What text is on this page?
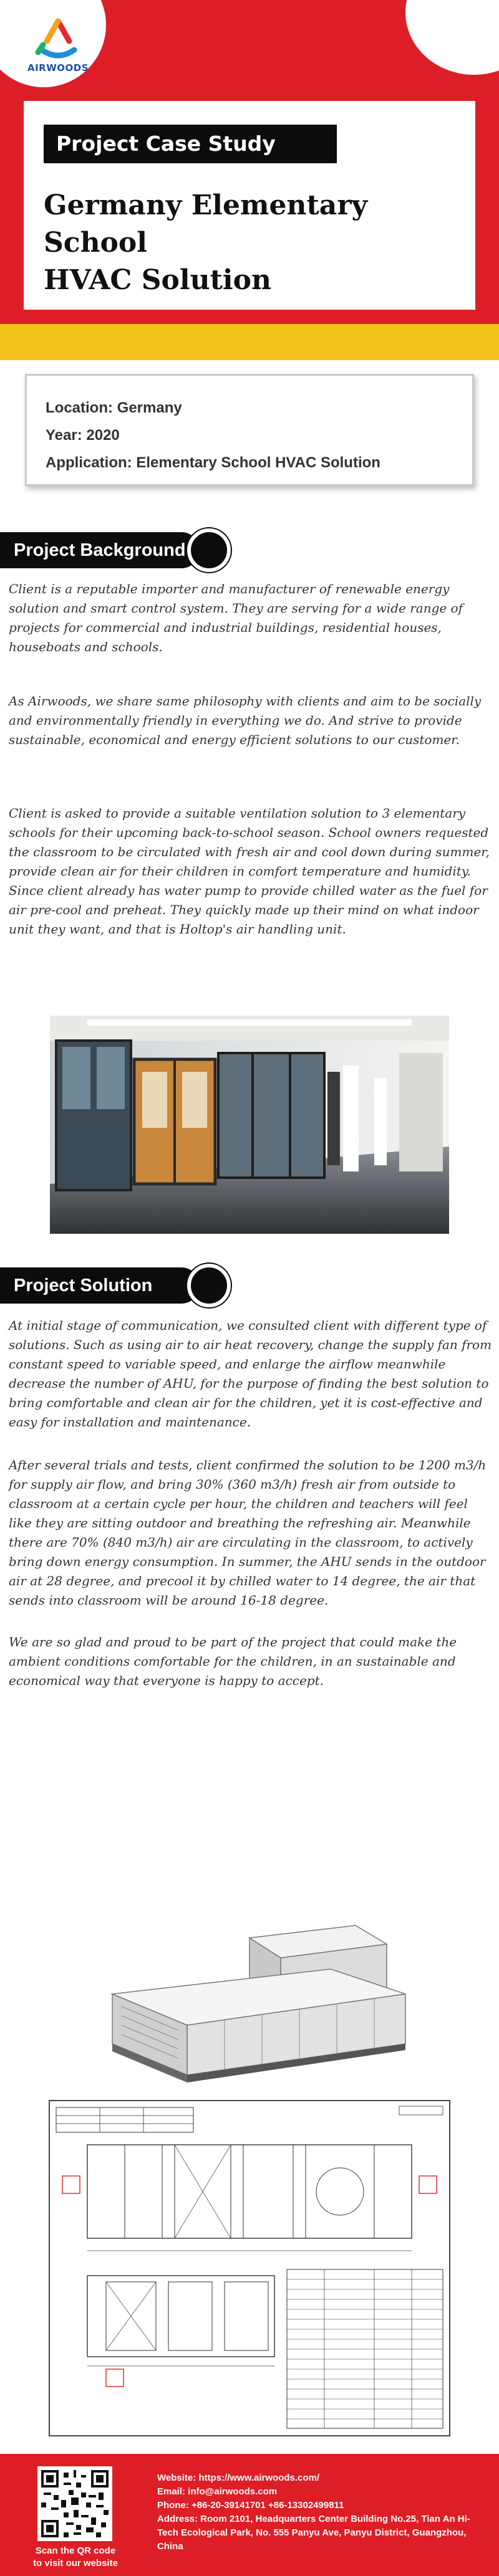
AIRWOODS
Project Case Study
Germany Elementary School
HVAC Solution
Location: Germany
Year: 2020
Application: Elementary School HVAC Solution
Project Background
Client is a reputable importer and manufacturer of renewable energy solution and smart control system. They are serving for a wide range of projects for commercial and industrial buildings, residential houses, houseboats and schools.
As Airwoods, we share same philosophy with clients and aim to be socially and environmentally friendly in everything we do. And strive to provide sustainable, economical and energy efficient solutions to our customer.
Client is asked to provide a suitable ventilation solution to 3 elementary schools for their upcoming back-to-school season. School owners requested the classroom to be circulated with fresh air and cool down during summer, provide clean air for their children in comfort temperature and humidity. Since client already has water pump to provide chilled water as the fuel for air pre-cool and preheat. They quickly made up their mind on what indoor unit they want, and that is Holtop's air handling unit.
Project Solution
At initial stage of communication, we consulted client with different type of solutions. Such as using air to air heat recovery, change the supply fan from constant speed to variable speed, and enlarge the airflow meanwhile decrease the number of AHU, for the purpose of finding the best solution to bring comfortable and clean air for the children, yet it is cost-effective and easy for installation and maintenance.
After several trials and tests, client confirmed the solution to be 1200 m3/h for supply air flow, and bring 30% (360 m3/h) fresh air from outside to classroom at a certain cycle per hour, the children and teachers will feel like they are sitting outdoor and breathing the refreshing air. Meanwhile there are 70% (840 m3/h) air are circulating in the classroom, to actively bring down energy consumption. In summer, the AHU sends in the outdoor air at 28 degree, and precool it by chilled water to 14 degree, the air that sends into classroom will be around 16-18 degree.
We are so glad and proud to be part of the project that could make the ambient conditions comfortable for the children, in an sustainable and economical way that everyone is happy to accept.
Scan the QR code
to visit our website
Website: https://www.airwoods.com/
Email: info@airwoods.com
Phone: +86-20-39141701 +86-13302499811
Address: Room 2101, Headquarters Center Building No.25, Tian An Hi-Tech Ecological Park, No. 555 Panyu Ave, Panyu District, Guangzhou, China
